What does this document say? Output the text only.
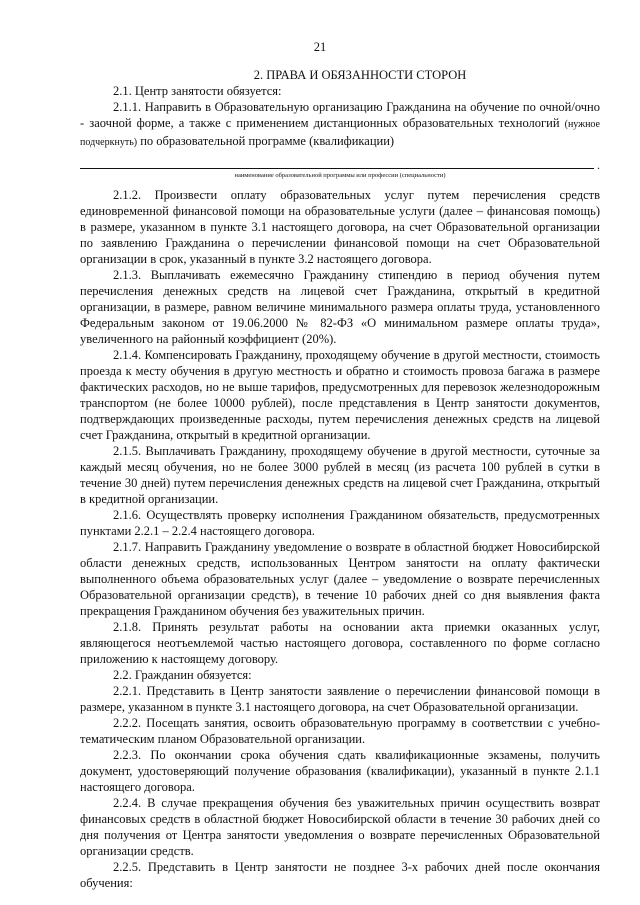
21
2. ПРАВА И ОБЯЗАННОСТИ СТОРОН

2.1. Центр занятости обязуется:

2.1.1. Направить в Образовательную организацию Гражданина на обучение по очной/очно - заочной форме, а также с применением дистанционных образовательных технологий (нужное подчеркнуть) по образовательной программе (квалификации)

.
наименование образовательной программы или профессии (специальности)

2.1.2. Произвести оплату образовательных услуг путем перечисления средств единовременной финансовой помощи на образовательные услуги (далее – финансовая помощь) в размере, указанном в пункте 3.1 настоящего договора, на счет Образовательной организации по заявлению Гражданина о перечислении финансовой помощи на счет Образовательной организации в срок, указанный в пункте 3.2 настоящего договора.

2.1.3. Выплачивать ежемесячно Гражданину стипендию в период обучения путем перечисления денежных средств на лицевой счет Гражданина, открытый в кредитной организации, в размере, равном величине минимального размера оплаты труда, установленного Федеральным законом от 19.06.2000 № 82-ФЗ «О минимальном размере оплаты труда», увеличенного на районный коэффициент (20%).

2.1.4. Компенсировать Гражданину, проходящему обучение в другой местности, стоимость проезда к месту обучения в другую местность и обратно и стоимость провоза багажа в размере фактических расходов, но не выше тарифов, предусмотренных для перевозок железнодорожным транспортом (не более 10000 рублей), после представления в Центр занятости документов, подтверждающих произведенные расходы, путем перечисления денежных средств на лицевой счет Гражданина, открытый в кредитной организации.

2.1.5. Выплачивать Гражданину, проходящему обучение в другой местности, суточные за каждый месяц обучения, но не более 3000 рублей в месяц (из расчета 100 рублей в сутки в течение 30 дней) путем перечисления денежных средств на лицевой счет Гражданина, открытый в кредитной организации.

2.1.6. Осуществлять проверку исполнения Гражданином обязательств, предусмотренных пунктами 2.2.1 – 2.2.4 настоящего договора.

2.1.7. Направить Гражданину уведомление о возврате в областной бюджет Новосибирской области денежных средств, использованных Центром занятости на оплату фактически выполненного объема образовательных услуг (далее – уведомление о возврате перечисленных Образовательной организации средств), в течение 10 рабочих дней со дня выявления факта прекращения Гражданином обучения без уважительных причин.

2.1.8. Принять результат работы на основании акта приемки оказанных услуг, являющегося неотъемлемой частью настоящего договора, составленного по форме согласно приложению к настоящему договору.

2.2. Гражданин обязуется:

2.2.1. Представить в Центр занятости заявление о перечислении финансовой помощи в размере, указанном в пункте 3.1 настоящего договора, на счет Образовательной организации.

2.2.2. Посещать занятия, освоить образовательную программу в соответствии с учебно-тематическим планом Образовательной организации.

2.2.3. По окончании срока обучения сдать квалификационные экзамены, получить документ, удостоверяющий получение образования (квалификации), указанный в пункте 2.1.1 настоящего договора.

2.2.4. В случае прекращения обучения без уважительных причин осуществить возврат финансовых средств в областной бюджет Новосибирской области в течение 30 рабочих дней со дня получения от Центра занятости уведомления о возврате перечисленных Образовательной организации средств.

2.2.5. Представить в Центр занятости не позднее 3-х рабочих дней после окончания обучения:
